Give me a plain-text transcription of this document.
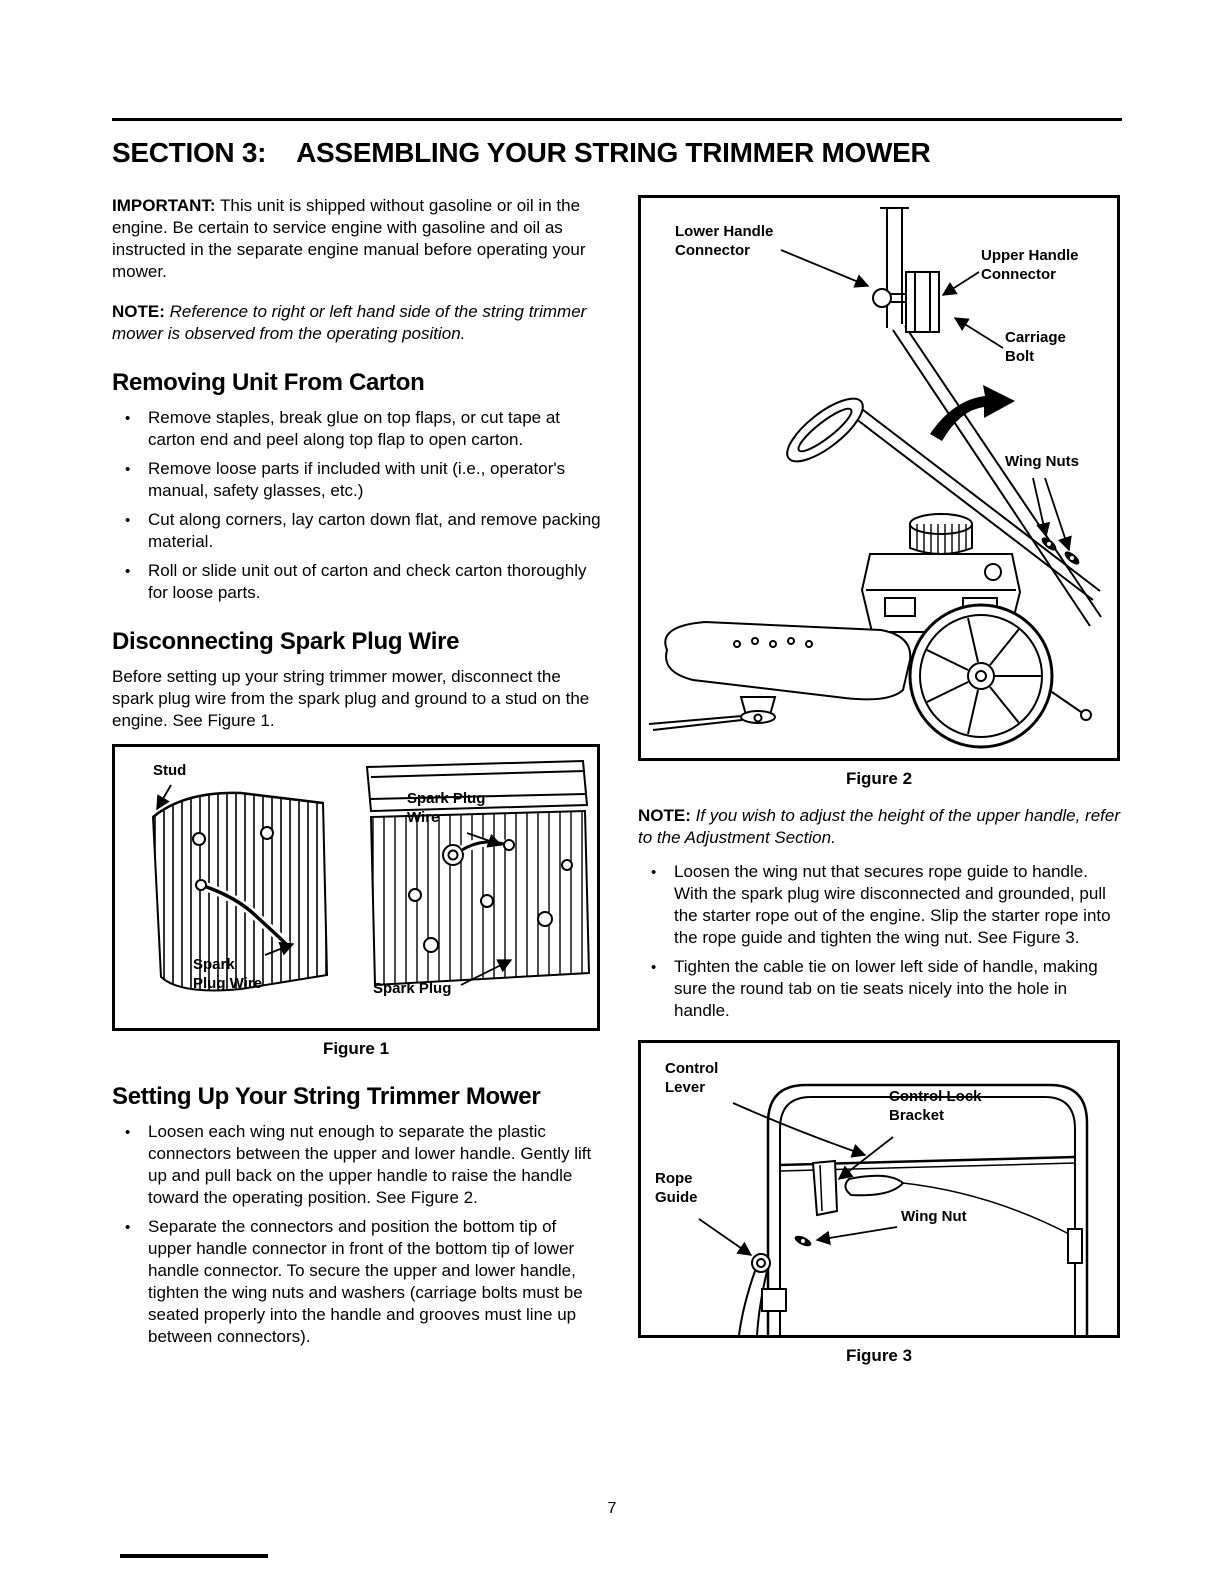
SECTION 3: ASSEMBLING YOUR STRING TRIMMER MOWER

IMPORTANT: This unit is shipped without gasoline or oil in the engine. Be certain to service engine with gasoline and oil as instructed in the separate engine manual before operating your mower.

NOTE: Reference to right or left hand side of the string trimmer mower is observed from the operating position.

Removing Unit From Carton
• Remove staples, break glue on top flaps, or cut tape at carton end and peel along top flap to open carton.
• Remove loose parts if included with unit (i.e., operator's manual, safety glasses, etc.)
• Cut along corners, lay carton down flat, and remove packing material.
• Roll or slide unit out of carton and check carton thoroughly for loose parts.
Disconnecting Spark Plug Wire

Before setting up your string trimmer mower, disconnect the spark plug wire from the spark plug and ground to a stud on the engine. See Figure 1.

Stud
Spark Plug Wire
Spark Plug Wire	Spark Plug
Figure 1
Setting Up Your String Trimmer Mower
• Loosen each wing nut enough to separate the plastic connectors between the upper and lower handle. Gently lift up and pull back on the upper handle to raise the handle toward the operating position. See Figure 2.
• Separate the connectors and position the bottom tip of upper handle connector in front of the bottom tip of lower handle connector. To secure the upper and lower handle, tighten the wing nuts and washers (carriage bolts must be seated properly into the handle and grooves must line up between connectors).
Lower Handle Connector	Upper Handle Connector
Carriage Bolt
Wing Nuts
Figure 2

NOTE: If you wish to adjust the height of the upper handle, refer to the Adjustment Section.

• Loosen the wing nut that secures rope guide to handle. With the spark plug wire disconnected and grounded, pull the starter rope out of the engine. Slip the starter rope into the rope guide and tighten the wing nut. See Figure 3.
• Tighten the cable tie on lower left side of handle, making sure the round tab on tie seats nicely into the hole in handle.
Control Lever
Control Lock Bracket
Rope Guide
Wing Nut
Figure 3
7
